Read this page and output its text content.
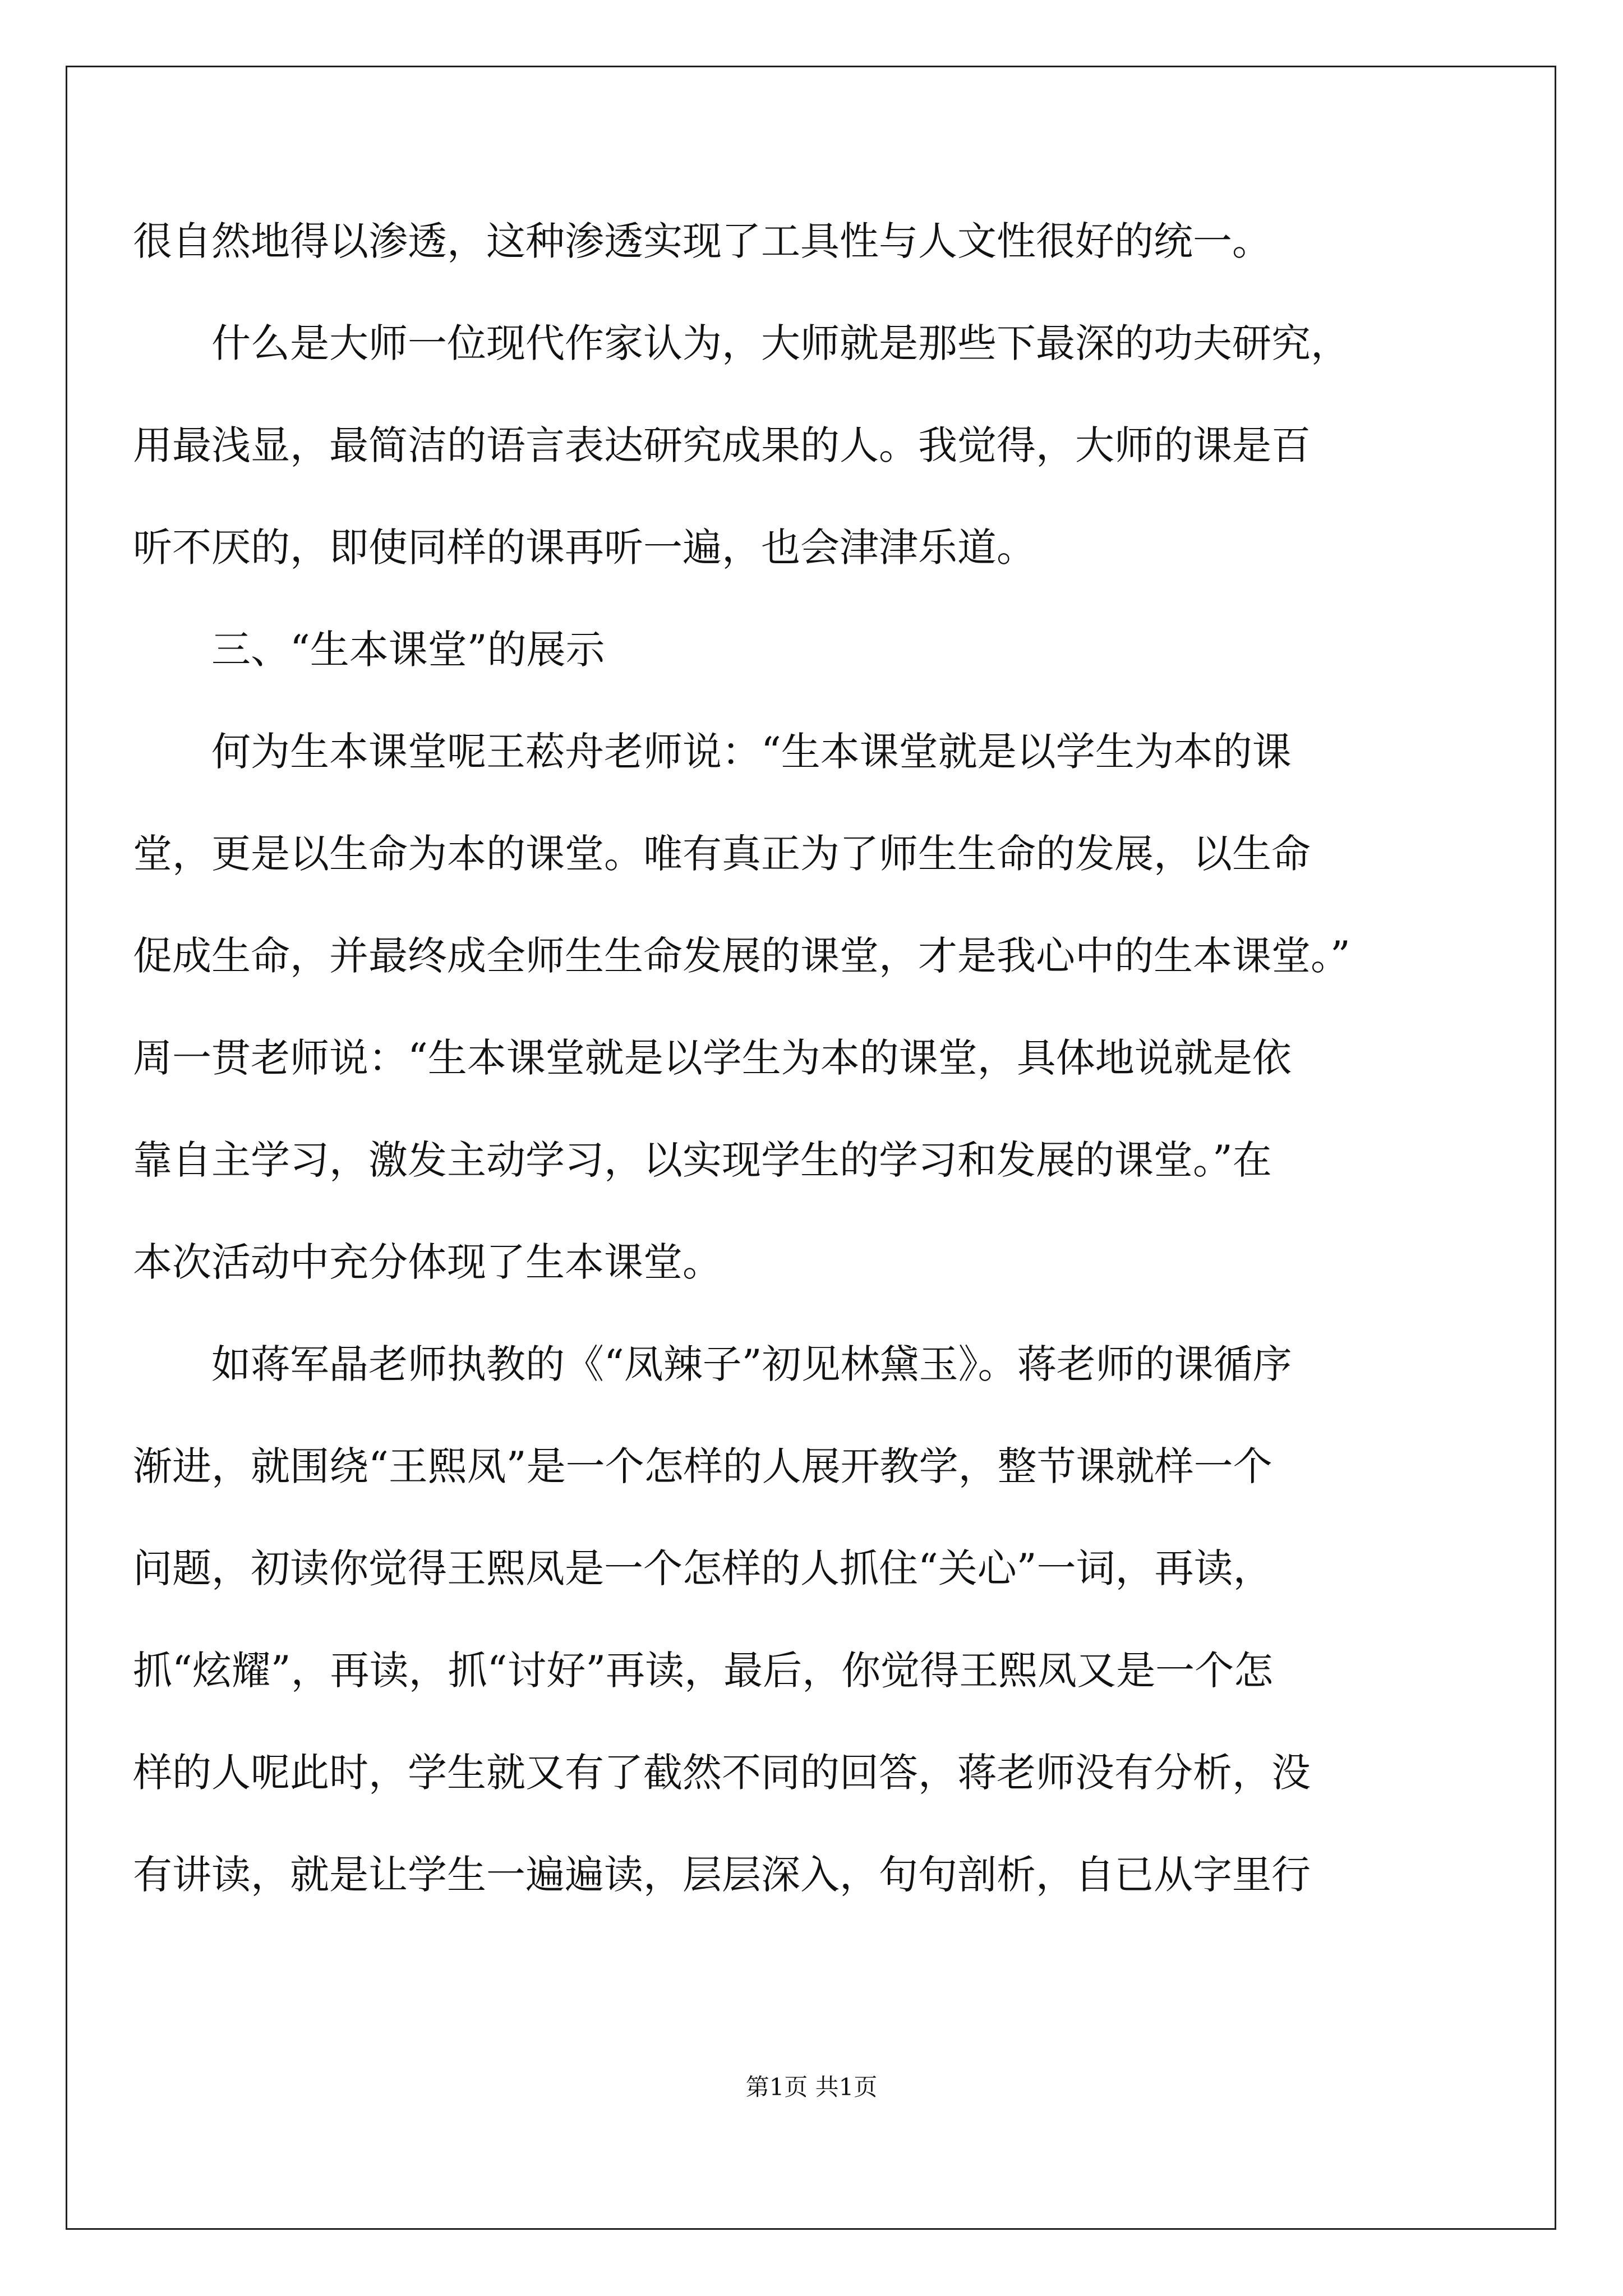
很自然地得以渗透，这种渗透实现了工具性与人文性很好的统一。
什么是大师一位现代作家认为，大师就是那些下最深的功夫研究，
用最浅显，最简洁的语言表达研究成果的人。我觉得，大师的课是百
听不厌的，即使同样的课再听一遍，也会津津乐道。
三、“生本课堂”的展示
何为生本课堂呢王菘舟老师说：“生本课堂就是以学生为本的课
堂，更是以生命为本的课堂。唯有真正为了师生生命的发展，以生命
促成生命，并最终成全师生生命发展的课堂，才是我心中的生本课堂。”
周一贯老师说：“生本课堂就是以学生为本的课堂，具体地说就是依
靠自主学习，激发主动学习，以实现学生的学习和发展的课堂。”在
本次活动中充分体现了生本课堂。
如蒋军晶老师执教的《“凤辣子”初见林黛玉》。蒋老师的课循序
渐进，就围绕“王熙凤”是一个怎样的人展开教学，整节课就样一个
问题，初读你觉得王熙凤是一个怎样的人抓住“关心”一词，再读，
抓“炫耀”，再读，抓“讨好”再读，最后，你觉得王熙凤又是一个怎
样的人呢此时，学生就又有了截然不同的回答，蒋老师没有分析，没
有讲读，就是让学生一遍遍读，层层深入，句句剖析，自已从字里行
第1页 共1页
